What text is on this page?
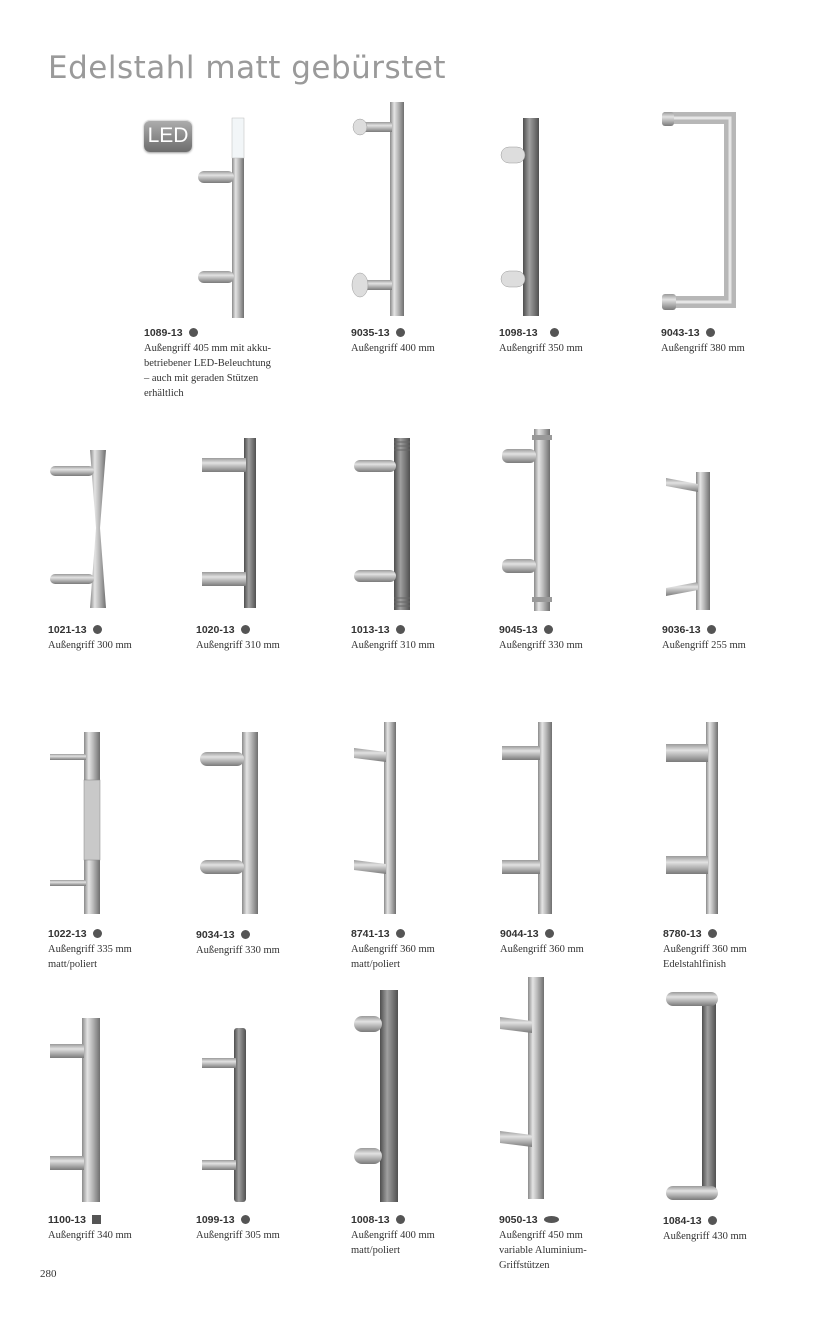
Edelstahl matt gebürstet
LED
1089-13
Außengriff 405 mm mit akku-
betriebener LED-Beleuchtung
– auch mit geraden Stützen
erhältlich
9035-13
Außengriff 400 mm
1098-13
Außengriff 350 mm
9043-13
Außengriff 380 mm
1021-13
Außengriff 300 mm
1020-13
Außengriff 310 mm
1013-13
Außengriff 310 mm
9045-13
Außengriff 330 mm
9036-13
Außengriff 255 mm
1022-13
Außengriff 335 mm
matt/poliert
9034-13
Außengriff 330 mm
8741-13
Außengriff 360 mm
matt/poliert
9044-13
Außengriff 360 mm
8780-13
Außengriff 360 mm
Edelstahlfinish
1100-13
Außengriff 340 mm
1099-13
Außengriff 305 mm
1008-13
Außengriff 400 mm
matt/poliert
9050-13
Außengriff 450 mm
variable Aluminium-
Griffstützen
1084-13
Außengriff 430 mm
280
